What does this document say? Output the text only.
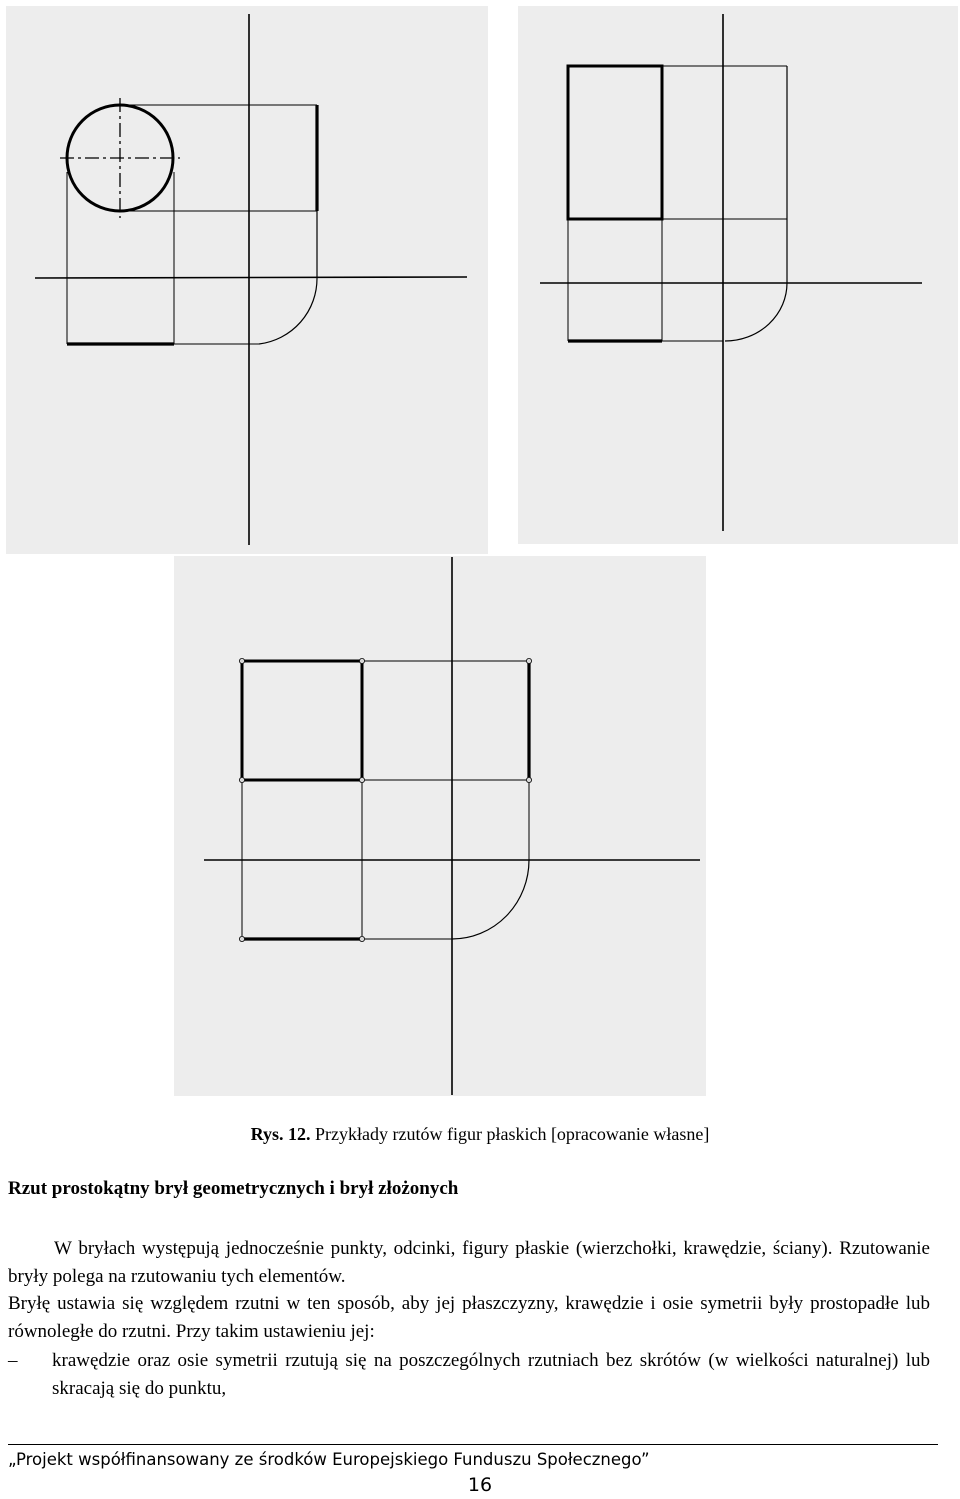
Rys. 12. Przykłady rzutów figur płaskich [opracowanie własne]
Rzut prostokątny brył geometrycznych i brył złożonych
W bryłach występują jednocześnie punkty, odcinki, figury płaskie (wierzchołki, krawędzie, ściany). Rzutowanie bryły polega na rzutowaniu tych elementów.
Bryłę ustawia się względem rzutni w ten sposób, aby jej płaszczyzny, krawędzie i osie symetrii były prostopadłe lub równoległe do rzutni. Przy takim ustawieniu jej:
– krawędzie oraz osie symetrii rzutują się na poszczególnych rzutniach bez skrótów (w wielkości naturalnej) lub skracają się do punktu,
„Projekt współfinansowany ze środków Europejskiego Funduszu Społecznego”
16
